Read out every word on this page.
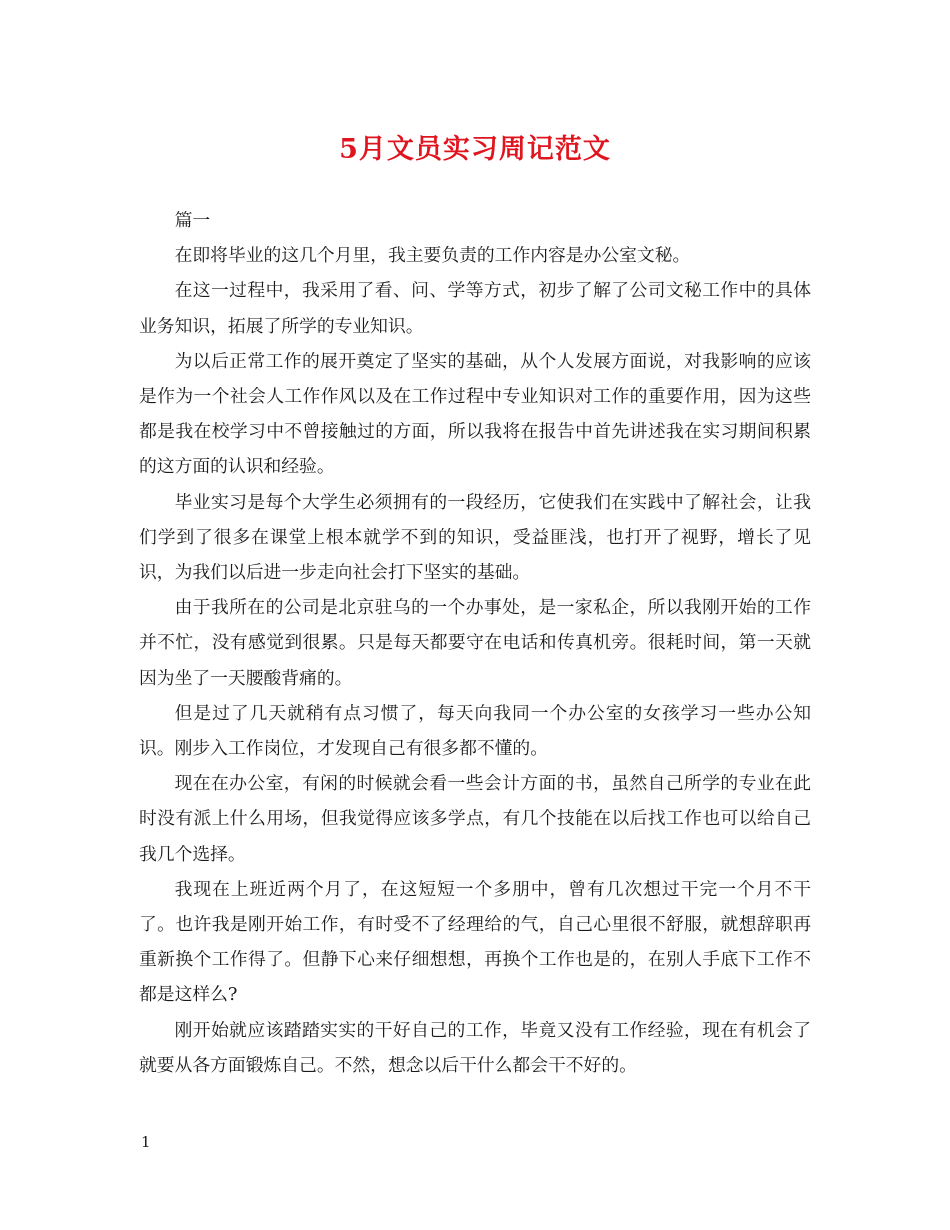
5月文员实习周记范文

篇一

在即将毕业的这几个月里，我主要负责的工作内容是办公室文秘。

在这一过程中，我采用了看、问、学等方式，初步了解了公司文秘工作中的具体业务知识，拓展了所学的专业知识。

为以后正常工作的展开奠定了坚实的基础，从个人发展方面说，对我影响的应该是作为一个社会人工作作风以及在工作过程中专业知识对工作的重要作用，因为这些都是我在校学习中不曾接触过的方面，所以我将在报告中首先讲述我在实习期间积累的这方面的认识和经验。

毕业实习是每个大学生必须拥有的一段经历，它使我们在实践中了解社会，让我们学到了很多在课堂上根本就学不到的知识，受益匪浅，也打开了视野，增长了见识，为我们以后进一步走向社会打下坚实的基础。

由于我所在的公司是北京驻乌的一个办事处，是一家私企，所以我刚开始的工作并不忙，没有感觉到很累。只是每天都要守在电话和传真机旁。很耗时间，第一天就因为坐了一天腰酸背痛的。

但是过了几天就稍有点习惯了，每天向我同一个办公室的女孩学习一些办公知识。刚步入工作岗位，才发现自己有很多都不懂的。

现在在办公室，有闲的时候就会看一些会计方面的书，虽然自己所学的专业在此时没有派上什么用场，但我觉得应该多学点，有几个技能在以后找工作也可以给自己我几个选择。

我现在上班近两个月了，在这短短一个多朋中，曾有几次想过干完一个月不干了。也许我是刚开始工作，有时受不了经理给的气，自己心里很不舒服，就想辞职再重新换个工作得了。但静下心来仔细想想，再换个工作也是的，在别人手底下工作不都是这样么?

刚开始就应该踏踏实实的干好自己的工作，毕竟又没有工作经验，现在有机会了就要从各方面锻炼自己。不然，想念以后干什么都会干不好的。

1
